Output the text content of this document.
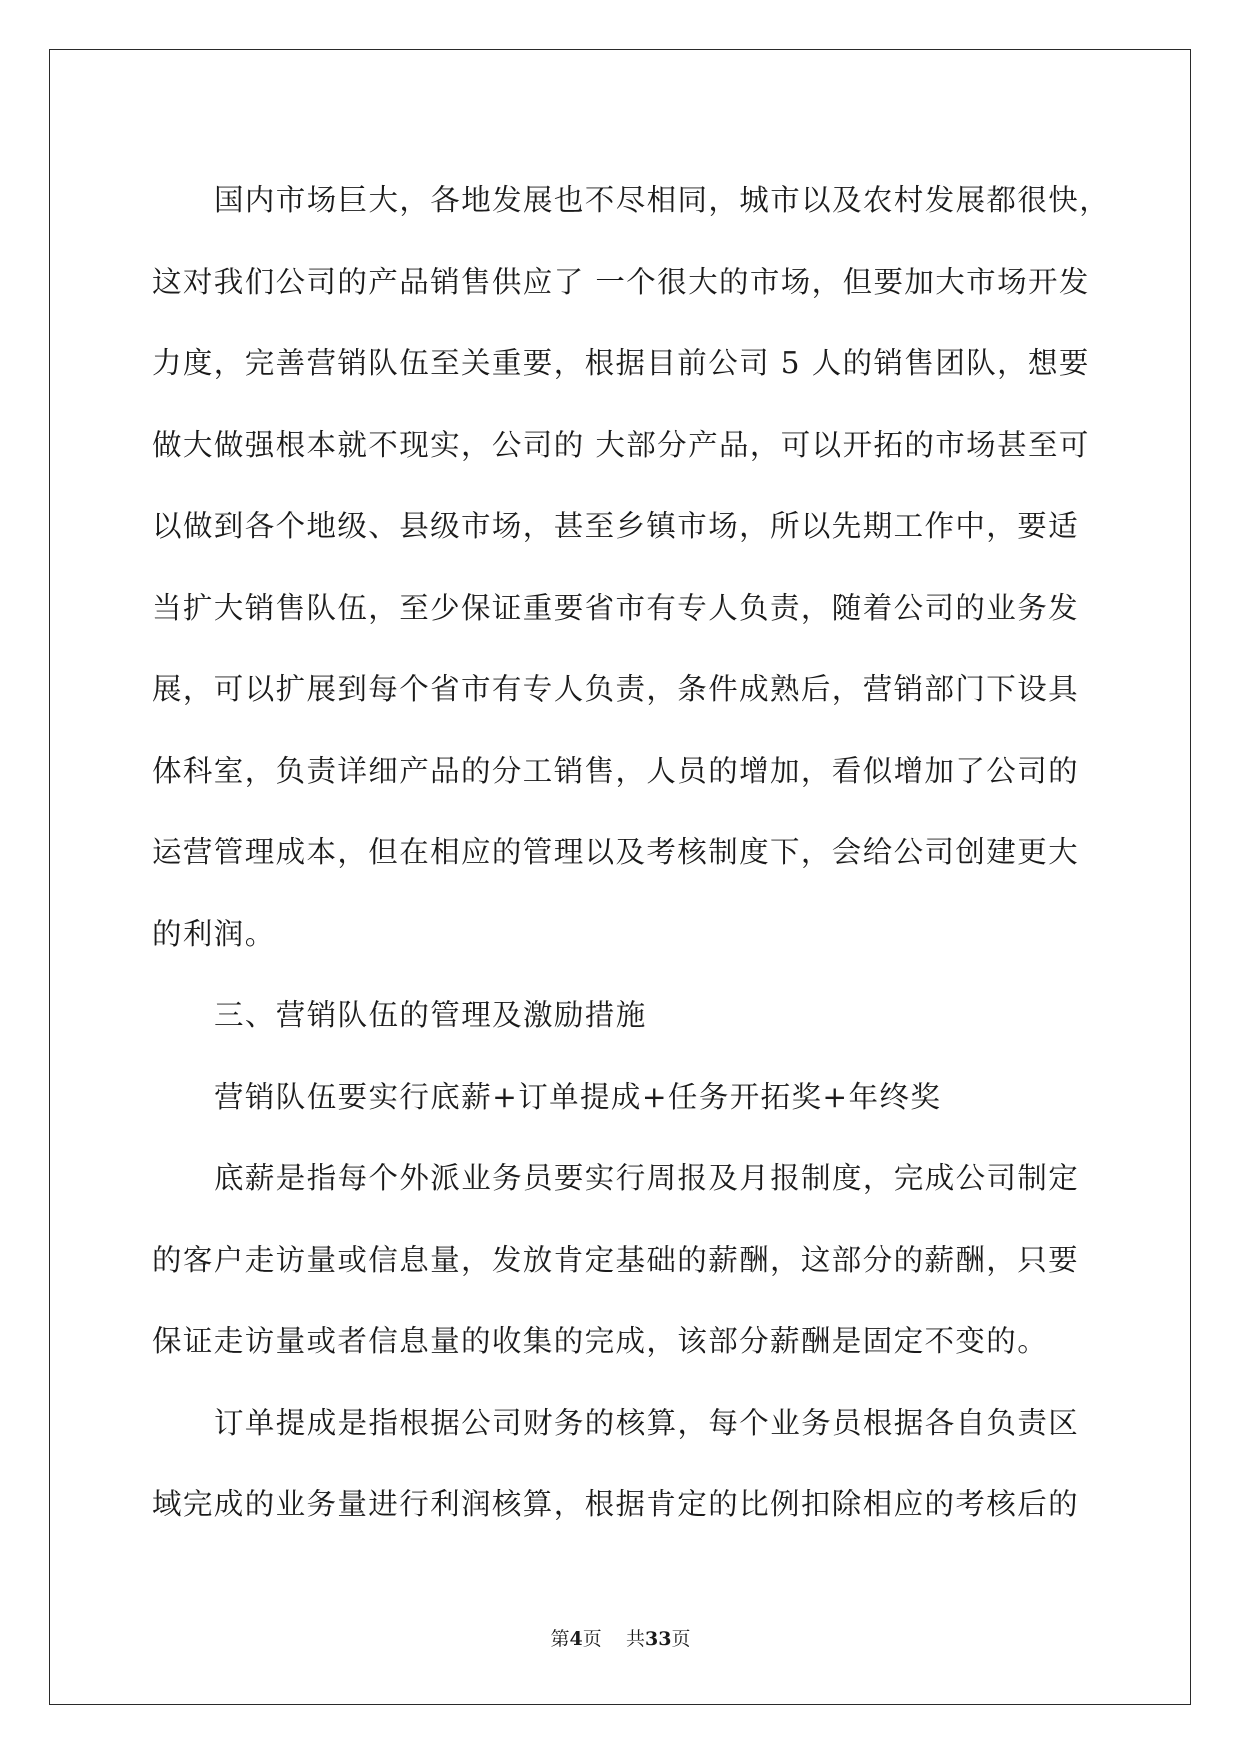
国内市场巨大，各地发展也不尽相同，城市以及农村发展都很快，
这对我们公司的产品销售供应了 一个很大的市场，但要加大市场开发
力度，完善营销队伍至关重要，根据目前公司 5 人的销售团队，想要
做大做强根本就不现实，公司的 大部分产品，可以开拓的市场甚至可
以做到各个地级、县级市场，甚至乡镇市场，所以先期工作中，要适
当扩大销售队伍，至少保证重要省市有专人负责，随着公司的业务发
展，可以扩展到每个省市有专人负责，条件成熟后，营销部门下设具
体科室，负责详细产品的分工销售，人员的增加，看似增加了公司的
运营管理成本，但在相应的管理以及考核制度下，会给公司创建更大
的利润。
三、营销队伍的管理及激励措施
营销队伍要实行底薪+订单提成+任务开拓奖+年终奖
底薪是指每个外派业务员要实行周报及月报制度，完成公司制定
的客户走访量或信息量，发放肯定基础的薪酬，这部分的薪酬，只要
保证走访量或者信息量的收集的完成，该部分薪酬是固定不变的。
订单提成是指根据公司财务的核算，每个业务员根据各自负责区
域完成的业务量进行利润核算，根据肯定的比例扣除相应的考核后的
第4页 共33页
